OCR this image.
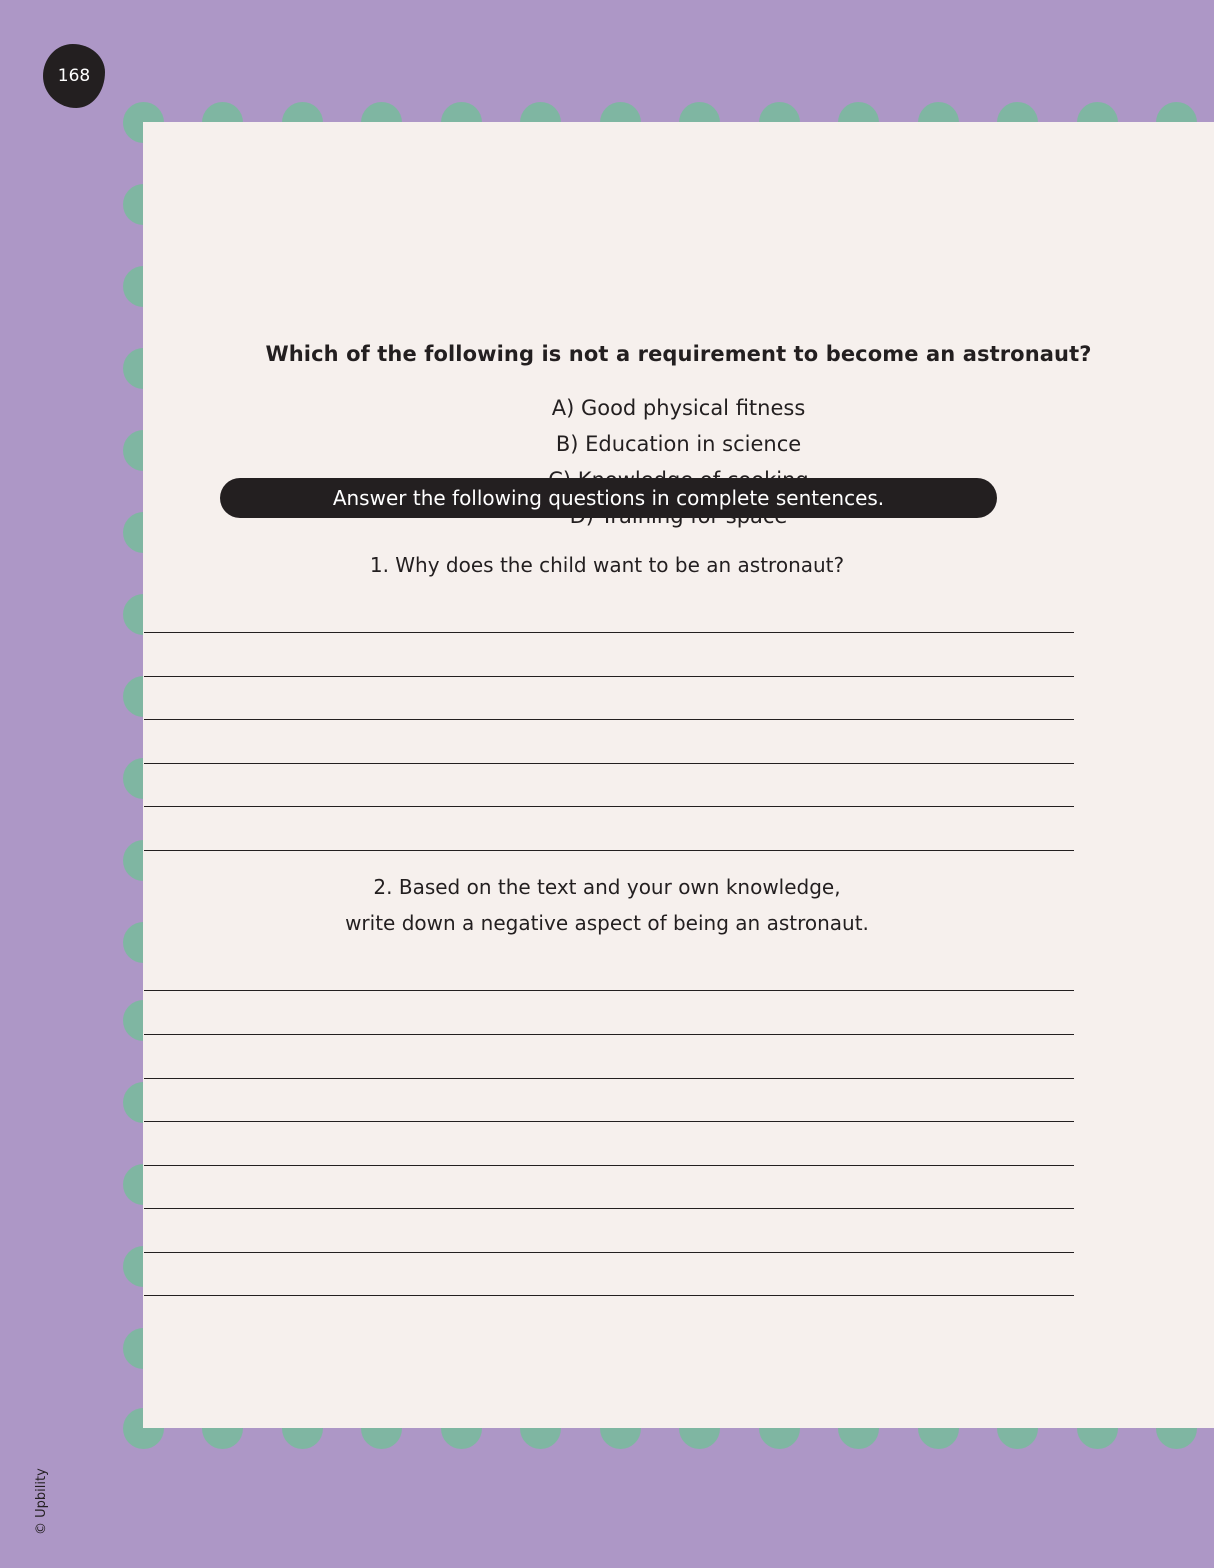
168
Which of the following is not a requirement to become an astronaut?
A) Good physical fitness
B) Education in science
Answer the following questions in complete sentences.
1. Why does the child want to be an astronaut?
2. Based on the text and your own knowledge,
write down a negative aspect of being an astronaut.
© Upbility
